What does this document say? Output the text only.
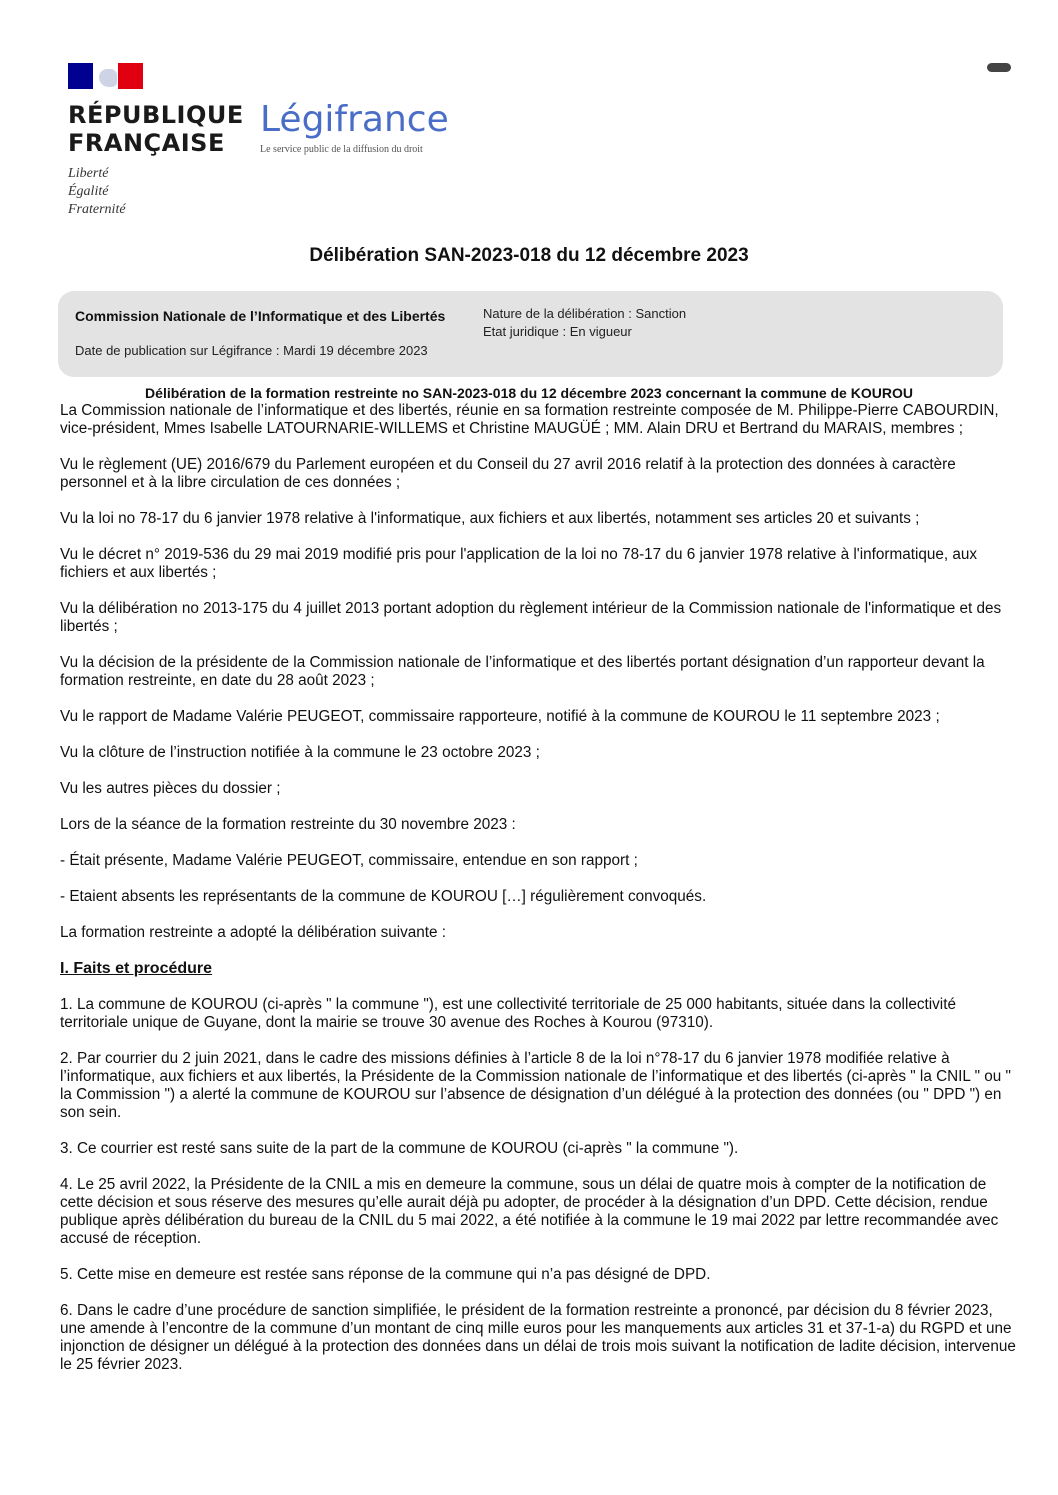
RÉPUBLIQUE
FRANÇAISE
Liberté
Égalité
Fraternité
Légifrance
Le service public de la diffusion du droit
Délibération SAN-2023-018 du 12 décembre 2023
Commission Nationale de l’Informatique et des Libertés
Date de publication sur Légifrance : Mardi 19 décembre 2023
Nature de la délibération : Sanction
Etat juridique : En vigueur
Délibération de la formation restreinte no SAN-2023-018 du 12 décembre 2023 concernant la commune de KOUROU

La Commission nationale de l’informatique et des libertés, réunie en sa formation restreinte composée de M. Philippe-Pierre CABOURDIN, vice-président, Mmes Isabelle LATOURNARIE-WILLEMS et Christine MAUGÜÉ ; MM. Alain DRU et Bertrand du MARAIS, membres ;

Vu le règlement (UE) 2016/679 du Parlement européen et du Conseil du 27 avril 2016 relatif à la protection des données à caractère personnel et à la libre circulation de ces données ;

Vu la loi no 78-17 du 6 janvier 1978 relative à l'informatique, aux fichiers et aux libertés, notamment ses articles 20 et suivants ;

Vu le décret n° 2019-536 du 29 mai 2019 modifié pris pour l'application de la loi no 78-17 du 6 janvier 1978 relative à l'informatique, aux fichiers et aux libertés ;

Vu la délibération no 2013-175 du 4 juillet 2013 portant adoption du règlement intérieur de la Commission nationale de l'informatique et des libertés ;

Vu la décision de la présidente de la Commission nationale de l’informatique et des libertés portant désignation d’un rapporteur devant la formation restreinte, en date du 28 août 2023 ;

Vu le rapport de Madame Valérie PEUGEOT, commissaire rapporteure, notifié à la commune de KOUROU le 11 septembre 2023 ;

Vu la clôture de l’instruction notifiée à la commune le 23 octobre 2023 ;

Vu les autres pièces du dossier ;

Lors de la séance de la formation restreinte du 30 novembre 2023 :

- Était présente, Madame Valérie PEUGEOT, commissaire, entendue en son rapport ;

- Etaient absents les représentants de la commune de KOUROU […] régulièrement convoqués.

La formation restreinte a adopté la délibération suivante :

I. Faits et procédure

1. La commune de KOUROU (ci-après " la commune "), est une collectivité territoriale de 25 000 habitants, située dans la collectivité territoriale unique de Guyane, dont la mairie se trouve 30 avenue des Roches à Kourou (97310).

2. Par courrier du 2 juin 2021, dans le cadre des missions définies à l’article 8 de la loi n°78-17 du 6 janvier 1978 modifiée relative à l’informatique, aux fichiers et aux libertés, la Présidente de la Commission nationale de l’informatique et des libertés (ci-après " la CNIL " ou " la Commission ") a alerté la commune de KOUROU sur l’absence de désignation d’un délégué à la protection des données (ou " DPD ") en son sein.

3. Ce courrier est resté sans suite de la part de la commune de KOUROU (ci-après " la commune ").

4. Le 25 avril 2022, la Présidente de la CNIL a mis en demeure la commune, sous un délai de quatre mois à compter de la notification de cette décision et sous réserve des mesures qu’elle aurait déjà pu adopter, de procéder à la désignation d’un DPD. Cette décision, rendue publique après délibération du bureau de la CNIL du 5 mai 2022, a été notifiée à la commune le 19 mai 2022 par lettre recommandée avec accusé de réception.

5. Cette mise en demeure est restée sans réponse de la commune qui n’a pas désigné de DPD.

6. Dans le cadre d’une procédure de sanction simplifiée, le président de la formation restreinte a prononcé, par décision du 8 février 2023, une amende à l’encontre de la commune d’un montant de cinq mille euros pour les manquements aux articles 31 et 37-1-a) du RGPD et une injonction de désigner un délégué à la protection des données dans un délai de trois mois suivant la notification de ladite décision, intervenue le 25 février 2023.
